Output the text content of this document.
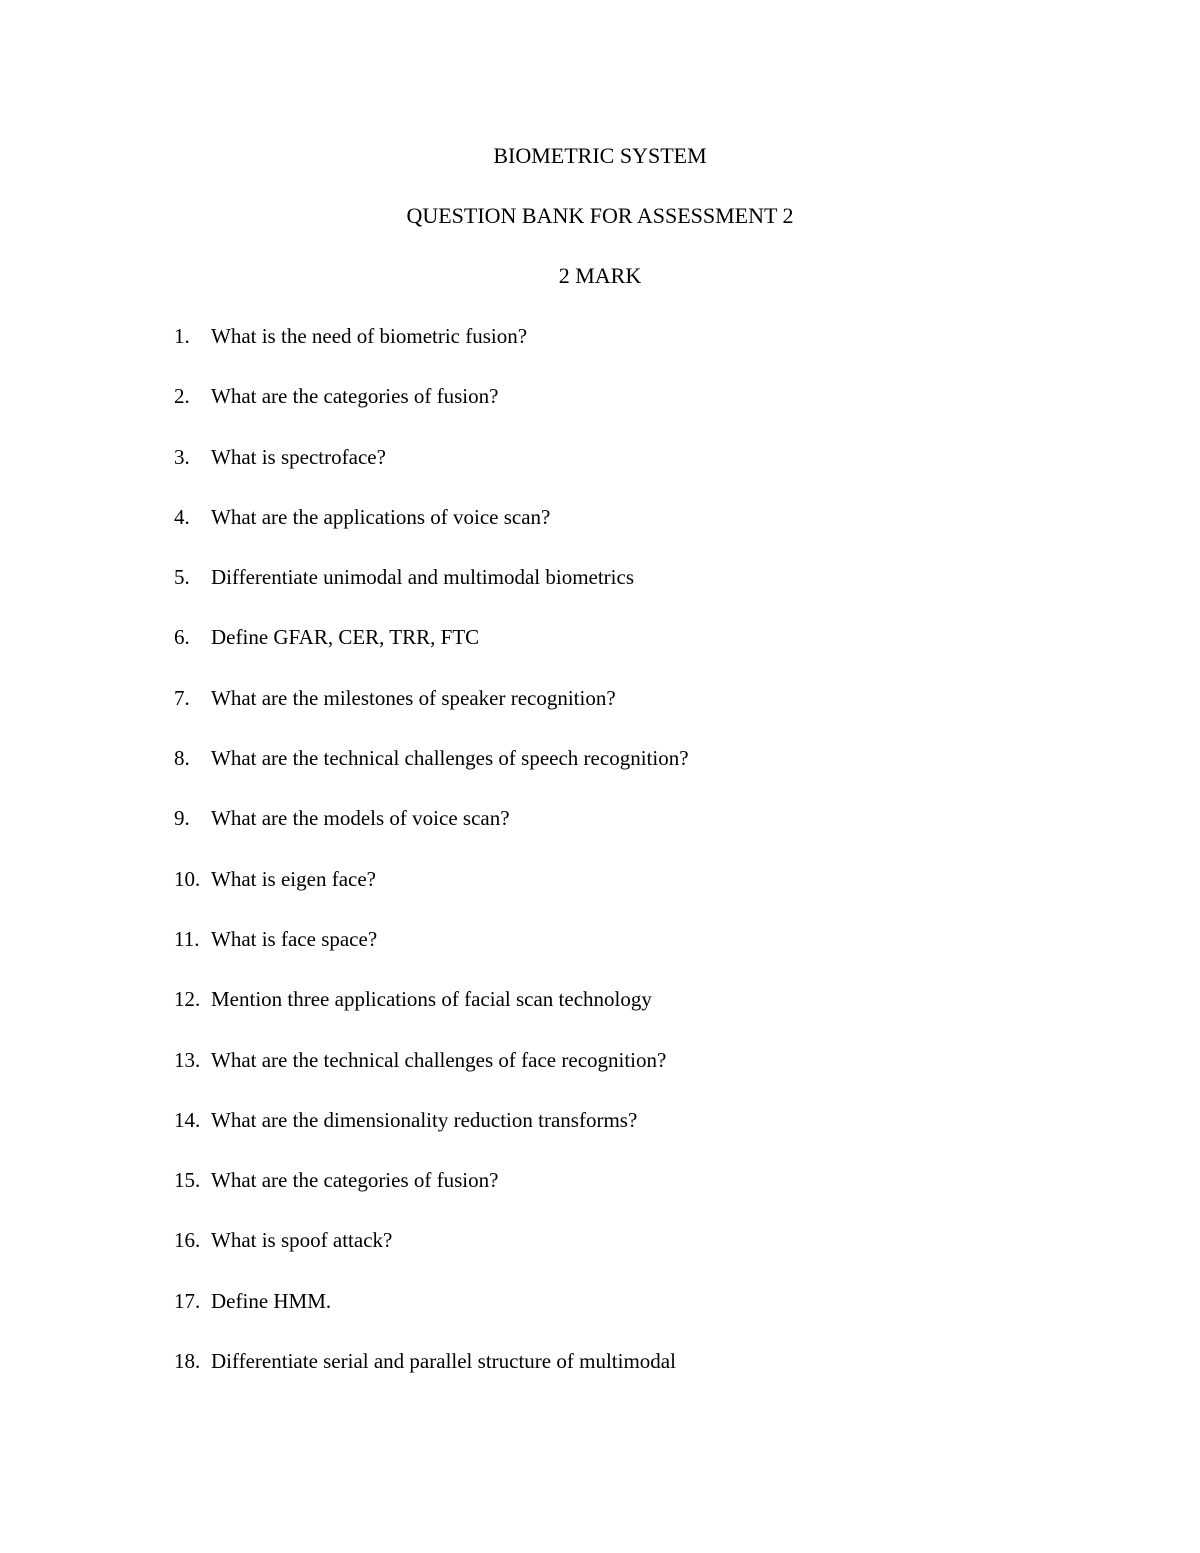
BIOMETRIC SYSTEM
QUESTION BANK FOR ASSESSMENT 2
2 MARK
1.	What is the need of biometric fusion?
2.	What are the categories of fusion?
3.	What is spectroface?
4.	What are the applications of voice scan?
5.	Differentiate unimodal and multimodal biometrics
6.	Define GFAR, CER, TRR, FTC
7.	What are the milestones of speaker recognition?
8.	What are the technical challenges of speech recognition?
9.	What are the models of voice scan?
10. What is eigen face?
11. What is face space?
12. Mention three applications of facial scan technology
13. What are the technical challenges of face recognition?
14. What are the dimensionality reduction transforms?
15. What are the categories of fusion?
16. What is spoof attack?
17. Define HMM.
18. Differentiate serial and parallel structure of multimodal
